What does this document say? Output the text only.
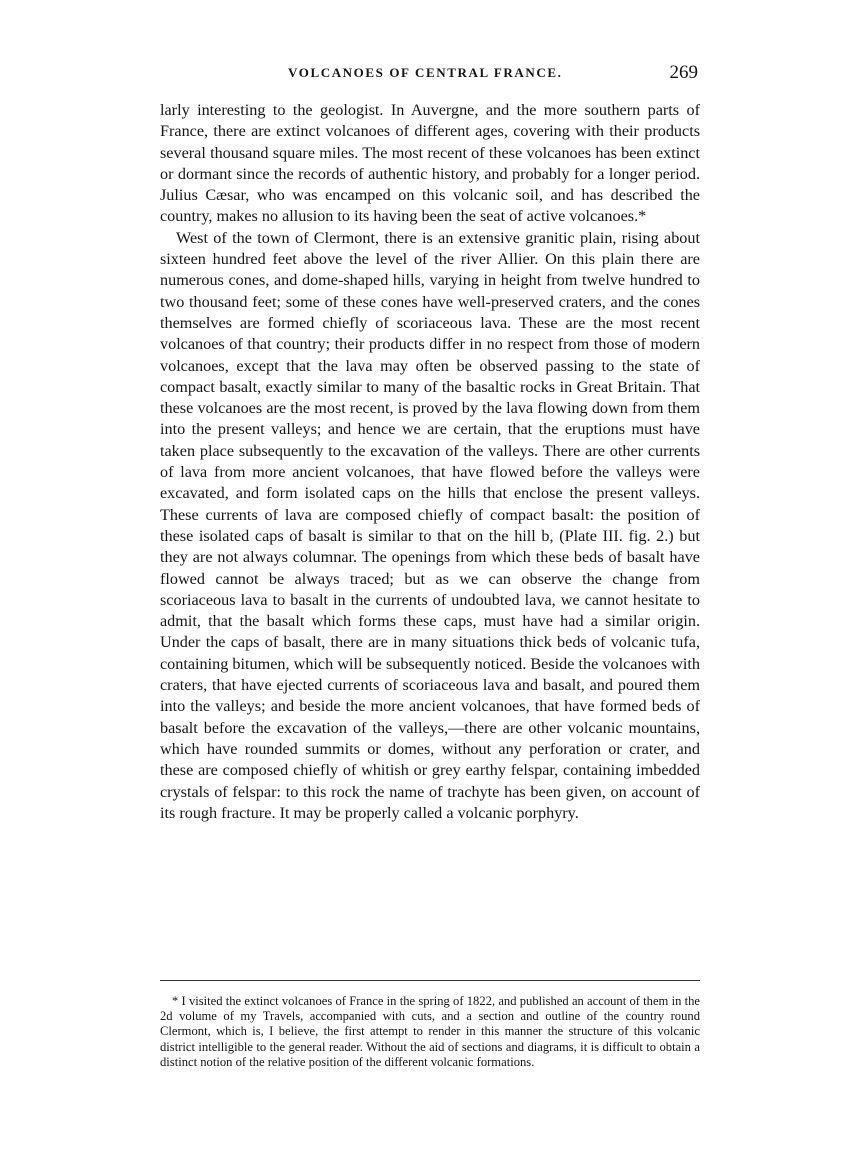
VOLCANOES OF CENTRAL FRANCE.	269

larly interesting to the geologist. In Auvergne, and the more southern parts of France, there are extinct volcanoes of different ages, covering with their products several thousand square miles. The most recent of these volcanoes has been extinct or dormant since the records of authentic history, and probably for a longer period. Julius Cæsar, who was encamped on this volcanic soil, and has described the country, makes no allusion to its having been the seat of active volcanoes.*

West of the town of Clermont, there is an extensive granitic plain, rising about sixteen hundred feet above the level of the river Allier. On this plain there are numerous cones, and dome-shaped hills, varying in height from twelve hundred to two thousand feet; some of these cones have well-preserved craters, and the cones themselves are formed chiefly of scoriaceous lava. These are the most recent volcanoes of that country; their products differ in no respect from those of modern volcanoes, except that the lava may often be observed passing to the state of compact basalt, exactly similar to many of the basaltic rocks in Great Britain. That these volcanoes are the most recent, is proved by the lava flowing down from them into the present valleys; and hence we are certain, that the eruptions must have taken place subsequently to the excavation of the valleys. There are other currents of lava from more ancient volcanoes, that have flowed before the valleys were excavated, and form isolated caps on the hills that enclose the present valleys. These currents of lava are composed chiefly of compact basalt: the position of these isolated caps of basalt is similar to that on the hill b, (Plate III. fig. 2.) but they are not always columnar. The openings from which these beds of basalt have flowed cannot be always traced; but as we can observe the change from scoriaceous lava to basalt in the currents of undoubted lava, we cannot hesitate to admit, that the basalt which forms these caps, must have had a similar origin. Under the caps of basalt, there are in many situations thick beds of volcanic tufa, containing bitumen, which will be subsequently noticed. Beside the volcanoes with craters, that have ejected currents of scoriaceous lava and basalt, and poured them into the valleys; and beside the more ancient volcanoes, that have formed beds of basalt before the excavation of the valleys,—there are other volcanic mountains, which have rounded summits or domes, without any perforation or crater, and these are composed chiefly of whitish or grey earthy felspar, containing imbedded crystals of felspar: to this rock the name of trachyte has been given, on account of its rough fracture. It may be properly called a volcanic porphyry.

* I visited the extinct volcanoes of France in the spring of 1822, and published an account of them in the 2d volume of my Travels, accompanied with cuts, and a section and outline of the country round Clermont, which is, I believe, the first attempt to render in this manner the structure of this volcanic district intelligible to the general reader. Without the aid of sections and diagrams, it is difficult to obtain a distinct notion of the relative position of the different volcanic formations.
